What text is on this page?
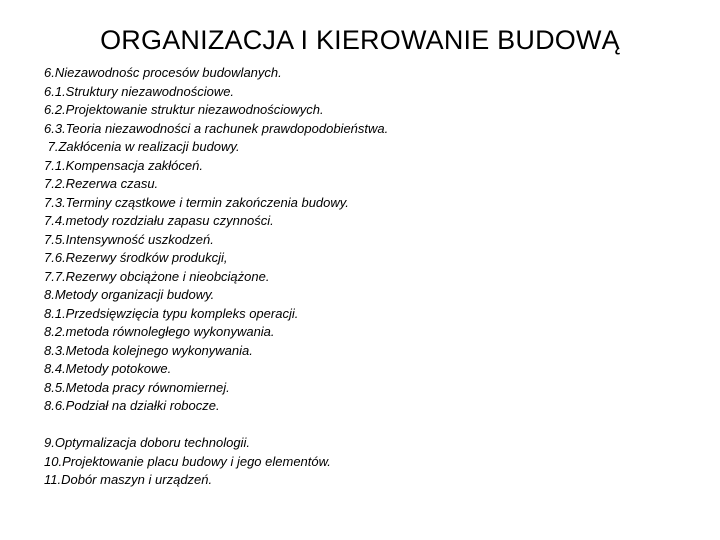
ORGANIZACJA I KIEROWANIE BUDOWĄ
6.Niezawodnośc procesów budowlanych.
6.1.Struktury niezawodnościowe.
6.2.Projektowanie struktur niezawodnościowych.
6.3.Teoria niezawodności a rachunek prawdopodobieństwa.
7.Zakłócenia w realizacji budowy.
7.1.Kompensacja zakłóceń.
7.2.Rezerwa czasu.
7.3.Terminy cząstkowe i termin zakończenia budowy.
7.4.metody rozdziału zapasu czynności.
7.5.Intensywność uszkodzeń.
7.6.Rezerwy środków produkcji,
7.7.Rezerwy obciążone i nieobciążone.
8.Metody organizacji budowy.
8.1.Przedsięwzięcia typu kompleks operacji.
8.2.metoda równoległego wykonywania.
8.3.Metoda kolejnego wykonywania.
8.4.Metody potokowe.
8.5.Metoda pracy równomiernej.
8.6.Podział na działki robocze.
9.Optymalizacja doboru technologii.
10.Projektowanie placu budowy i jego elementów.
11.Dobór maszyn i urządzeń.
